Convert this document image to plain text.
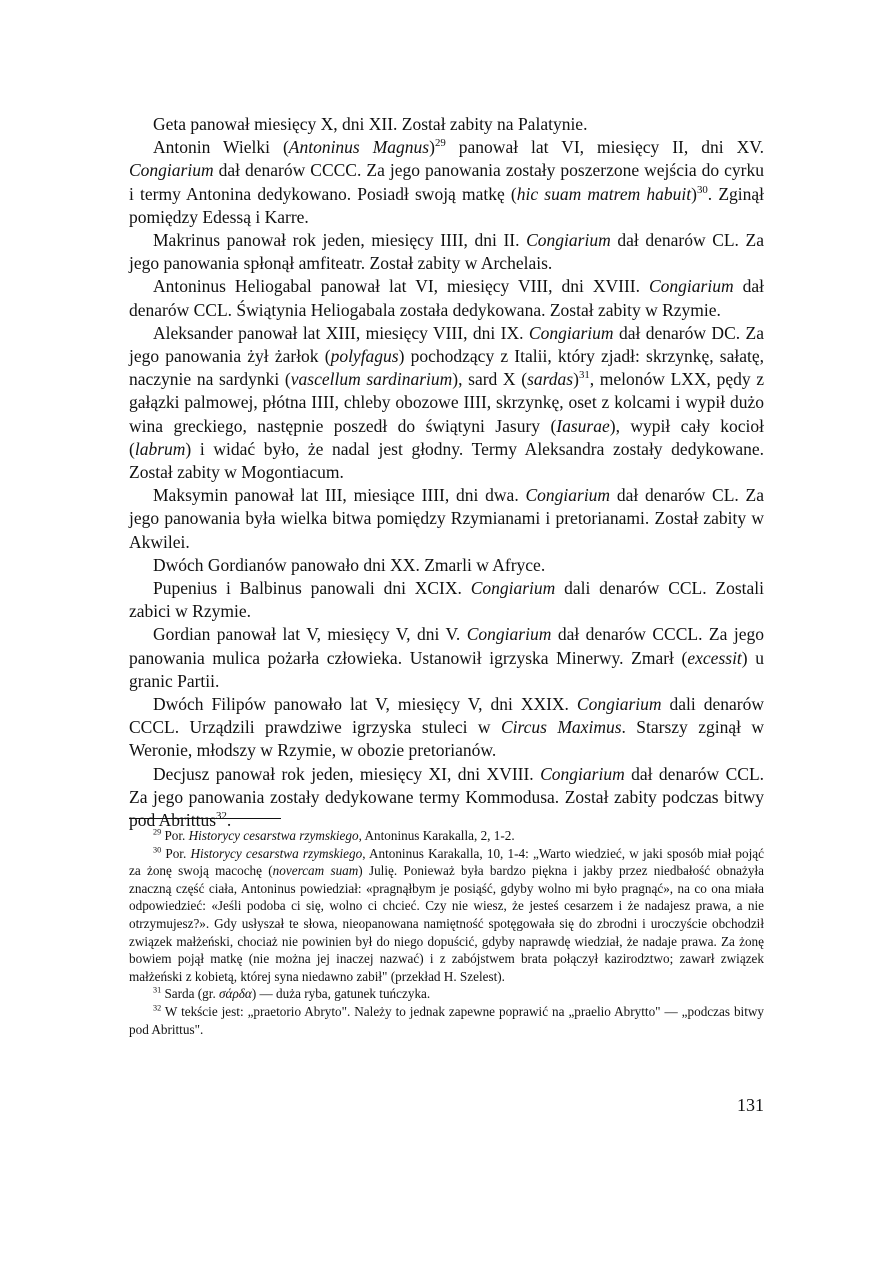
Geta panował miesięcy X, dni XII. Został zabity na Palatynie.

Antonin Wielki (Antoninus Magnus)$^{29}$ panował lat VI, miesięcy II, dni XV. Congiarium dał denarów CCCC. Za jego panowania zostały poszerzone wejścia do cyrku i termy Antonina dedykowano. Posiadł swoją matkę (hic suam matrem habuit)$^{30}$. Zginął pomiędzy Edessą i Karre.

Makrinus panował rok jeden, miesięcy IIII, dni II. Congiarium dał denarów CL. Za jego panowania spłonął amfiteatr. Został zabity w Archelais.

Antoninus Heliogabal panował lat VI, miesięcy VIII, dni XVIII. Congiarium dał denarów CCL. Świątynia Heliogabala została dedykowana. Został zabity w Rzymie.

Aleksander panował lat XIII, miesięcy VIII, dni IX. Congiarium dał denarów DC. Za jego panowania żył żarłok (polyfagus) pochodzący z Italii, który zjadł: skrzynkę, sałatę, naczynie na sardynki (vascellum sardinarium), sard X (sardas)$^{31}$, melonów LXX, pędy z gałązki palmowej, płótna IIII, chleby obozowe IIII, skrzynkę, oset z kolcami i wypił dużo wina greckiego, następnie poszedł do świątyni Jasury (Iasurae), wypił cały kocioł (labrum) i widać było, że nadal jest głodny. Termy Aleksandra zostały dedykowane. Został zabity w Mogontiacum.

Maksymin panował lat III, miesiące IIII, dni dwa. Congiarium dał denarów CL. Za jego panowania była wielka bitwa pomiędzy Rzymianami i pretorianami. Został zabity w Akwilei.

Dwóch Gordianów panowało dni XX. Zmarli w Afryce.

Pupenius i Balbinus panowali dni XCIX. Congiarium dali denarów CCL. Zostali zabici w Rzymie.

Gordian panował lat V, miesięcy V, dni V. Congiarium dał denarów CCCL. Za jego panowania mulica pożarła człowieka. Ustanowił igrzyska Minerwy. Zmarł (excessit) u granic Partii.

Dwóch Filipów panowało lat V, miesięcy V, dni XXIX. Congiarium dali denarów CCCL. Urządzili prawdziwe igrzyska stuleci w Circus Maximus. Starszy zginął w Weronie, młodszy w Rzymie, w obozie pretorianów.

Decjusz panował rok jeden, miesięcy XI, dni XVIII. Congiarium dał denarów CCL. Za jego panowania zostały dedykowane termy Kommodusa. Został zabity podczas bitwy pod Abrittus$^{32}$.

$^{29}$ Por. Historycy cesarstwa rzymskiego, Antoninus Karakalla, 2, 1-2.

$^{30}$ Por. Historycy cesarstwa rzymskiego, Antoninus Karakalla, 10, 1-4: „Warto wiedzieć, w jaki sposób miał pojąć za żonę swoją macochę (novercam suam) Julię. Ponieważ była bardzo piękna i jakby przez niedbałość obnażyła znaczną część ciała, Antoninus powiedział: «pragnąłbym je posiąść, gdyby wolno mi było pragnąć», na co ona miała odpowiedzieć: «Jeśli podoba ci się, wolno ci chcieć. Czy nie wiesz, że jesteś cesarzem i że nadajesz prawa, a nie otrzymujesz?». Gdy usłyszał te słowa, nieopanowana namiętność spotęgowała się do zbrodni i uroczyście obchodził związek małżeński, chociaż nie powinien był do niego dopuścić, gdyby naprawdę wiedział, że nadaje prawa. Za żonę bowiem pojął matkę (nie można jej inaczej nazwać) i z zabójstwem brata połączył kazirodztwo; zawarł związek małżeński z kobietą, której syna niedawno zabił" (przekład H. Szelest).

$^{31}$ Sarda (gr. σάρδα) — duża ryba, gatunek tuńczyka.

$^{32}$ W tekście jest: „praetorio Abryto". Należy to jednak zapewne poprawić na „praelio Abrytto" — „podczas bitwy pod Abrittus".

131
